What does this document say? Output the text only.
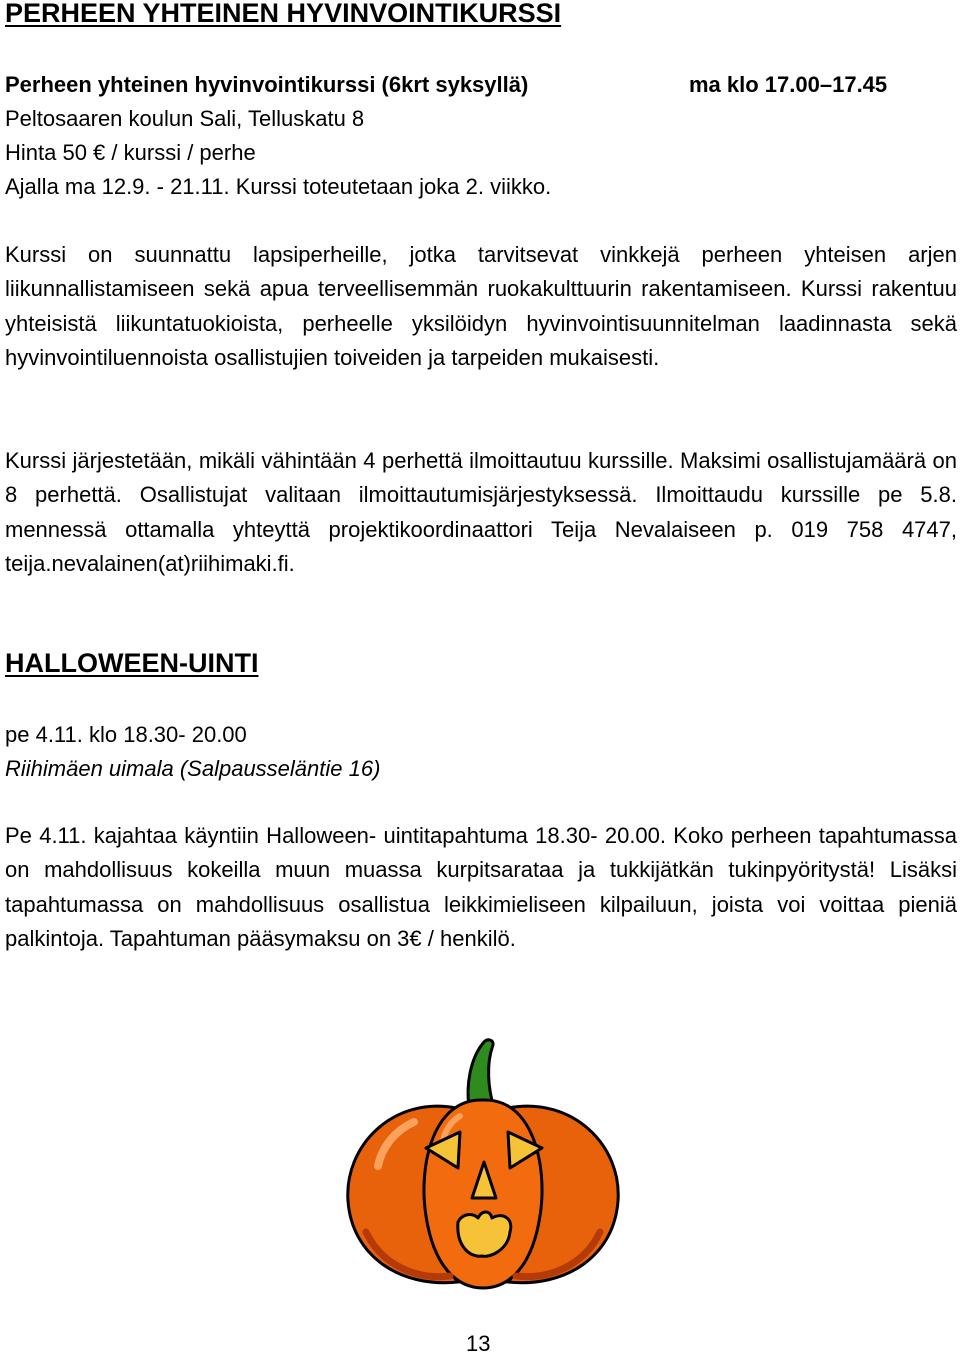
PERHEEN YHTEINEN HYVINVOINTIKURSSI

Perheen yhteinen hyvinvointikurssi (6krt syksyllä)	ma klo 17.00–17.45

Peltosaaren koulun Sali, Telluskatu 8

Hinta 50 € / kurssi / perhe

Ajalla ma 12.9. - 21.11. Kurssi toteutetaan joka 2. viikko.

Kurssi on suunnattu lapsiperheille, jotka tarvitsevat vinkkejä perheen yhteisen arjen liikunnallistamiseen sekä apua terveellisemmän ruokakulttuurin rakentamiseen. Kurssi rakentuu yhteisistä liikuntatuokioista, perheelle yksilöidyn hyvinvointisuunnitelman laadinnasta sekä hyvinvointiluennoista osallistujien toiveiden ja tarpeiden mukaisesti.

Kurssi järjestetään, mikäli vähintään 4 perhettä ilmoittautuu kurssille. Maksimi osallistujamäärä on 8 perhettä. Osallistujat valitaan ilmoittautumisjärjestyksessä. Ilmoittaudu kurssille pe 5.8. mennessä ottamalla yhteyttä projektikoordinaattori Teija Nevalaiseen p. 019 758 4747, teija.nevalainen(at)riihimaki.fi.

HALLOWEEN-UINTI

pe 4.11. klo 18.30- 20.00

Riihimäen uimala (Salpausseläntie 16)

Pe 4.11. kajahtaa käyntiin Halloween- uintitapahtuma 18.30- 20.00. Koko perheen tapahtumassa on mahdollisuus kokeilla muun muassa kurpitsarataa ja tukkijätkän tukinpyöritystä! Lisäksi tapahtumassa on mahdollisuus osallistua leikkimieliseen kilpailuun, joista voi voittaa pieniä palkintoja. Tapahtuman pääsymaksu on 3€ / henkilö.

13
